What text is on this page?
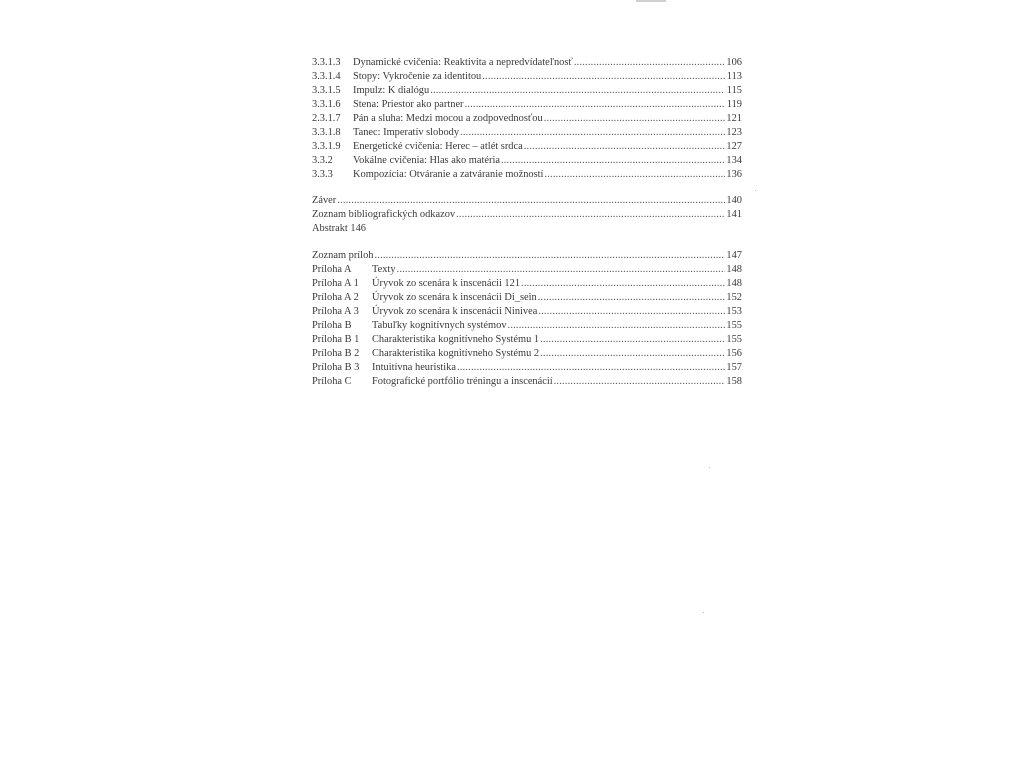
3.3.1.3	Dynamické cvičenia: Reaktivita a nepredvídateľnosť .....	106
3.3.1.4	Stopy: Vykročenie za identitou .....	113
3.3.1.5	Impulz: K dialógu .....	115
3.3.1.6	Stena: Priestor ako partner .....	119
2.3.1.7	Pán a sluha: Medzi mocou a zodpovednosťou .....	121
3.3.1.8	Tanec: Imperatív slobody .....	123
3.3.1.9	Energetické cvičenia: Herec – atlét srdca .....	127
3.3.2	Vokálne cvičenia: Hlas ako matéria .....	134
3.3.3	Kompozícia: Otváranie a zatváranie možností .....	136
Záver .....	140
Zoznam bibliografických odkazov .....	141
Abstrakt 146
Zoznam príloh .....	147
Príloha A	Texty .....	148
Príloha A 1	Úryvok zo scenára k inscenácii 121 .....	148
Príloha A 2	Úryvok zo scenára k inscenácii Di_sein .....	152
Príloha A 3	Úryvok zo scenára k inscenácii Ninivea .....	153
Príloha B	Tabuľky kognitívnych systémov .....	155
Príloha B 1	Charakteristika kognitívneho Systému 1 .....	155
Príloha B 2	Charakteristika kognitívneho Systému 2 .....	156
Príloha B 3	Intuitívna heuristika .....	157
Príloha C	Fotografické portfólio tréningu a inscenácií .....	158
